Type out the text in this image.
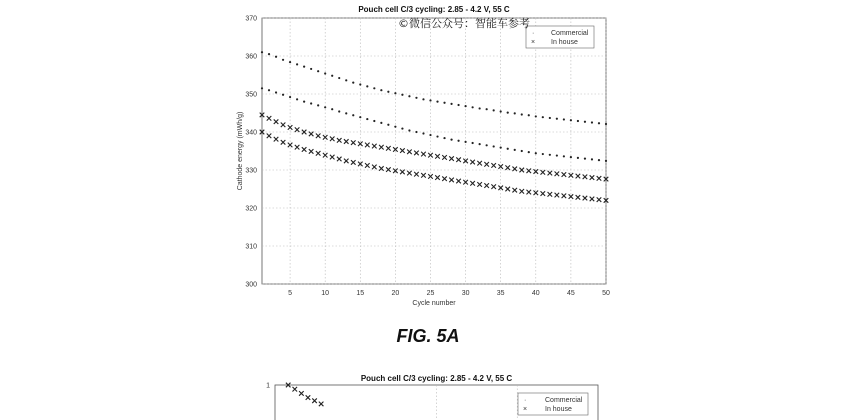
5	10	15	20	25	30	35	40	45	50
300
310
320
330
340
350
360
370
Pouch cell C/3 cycling: 2.85 - 4.2 V, 55 C
Cycle number
Cathode energy (mWh/g)
· Commercial
× In house
©微信公众号：智能车参考
FIG. 5A
1
Pouch cell C/3 cycling: 2.85 - 4.2 V, 55 C
·	Commercial
×	In house
